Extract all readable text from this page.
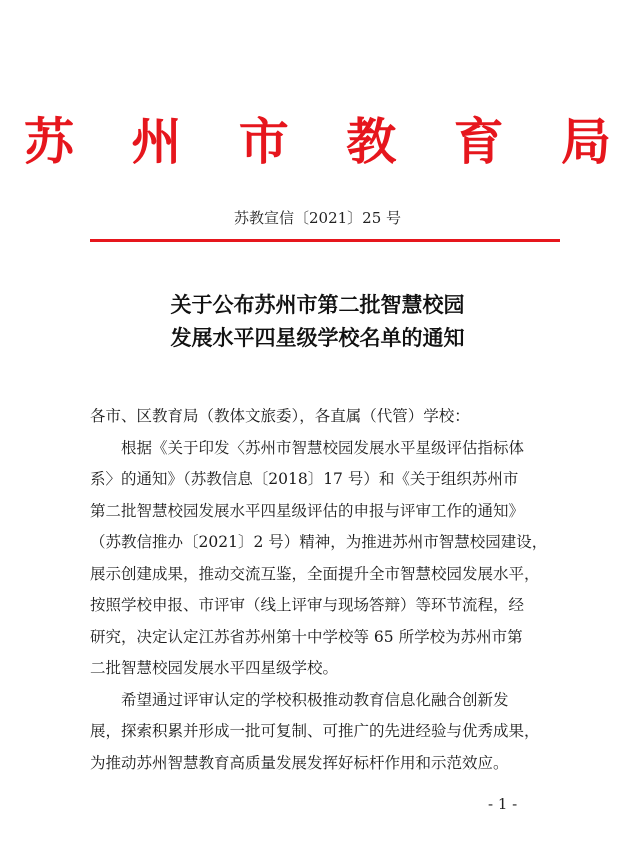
苏 州 市 教 育 局
苏教宣信〔2021〕25 号
关于公布苏州市第二批智慧校园
发展水平四星级学校名单的通知
各市、区教育局（教体文旅委），各直属（代管）学校：
　　根据《关于印发〈苏州市智慧校园发展水平星级评估指标体
系〉的通知》（苏教信息〔2018〕17 号）和《关于组织苏州市
第二批智慧校园发展水平四星级评估的申报与评审工作的通知》
（苏教信推办〔2021〕2 号）精神，为推进苏州市智慧校园建设，
展示创建成果，推动交流互鉴，全面提升全市智慧校园发展水平，
按照学校申报、市评审（线上评审与现场答辩）等环节流程，经
研究，决定认定江苏省苏州第十中学校等 65 所学校为苏州市第
二批智慧校园发展水平四星级学校。
　　希望通过评审认定的学校积极推动教育信息化融合创新发
展，探索积累并形成一批可复制、可推广的先进经验与优秀成果，
为推动苏州智慧教育高质量发展发挥好标杆作用和示范效应。
- 1 -
